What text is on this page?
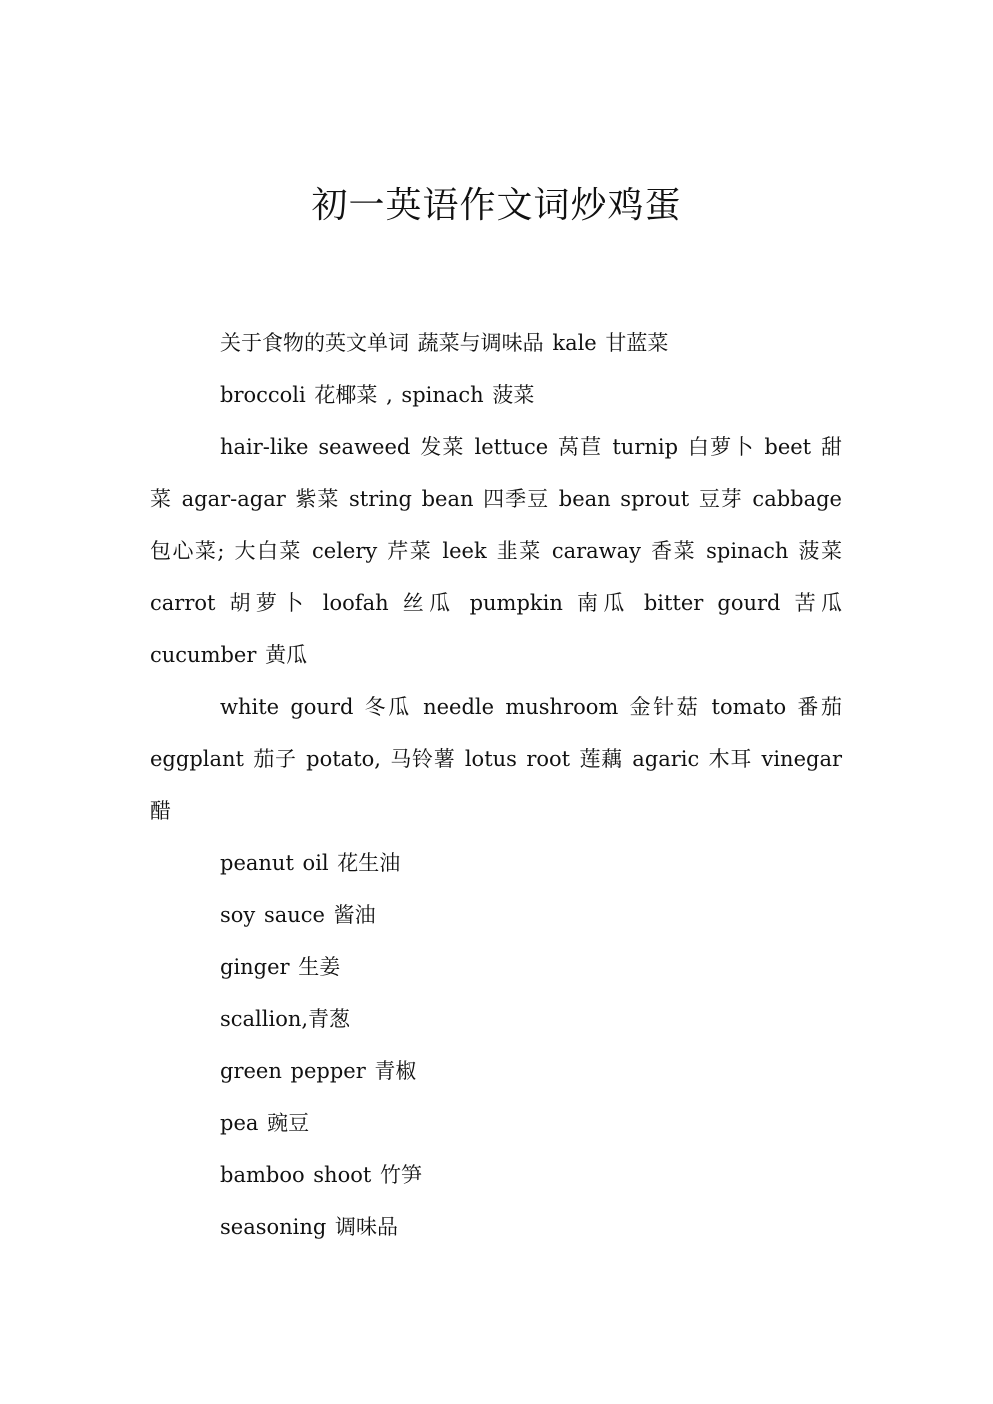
初一英语作文词炒鸡蛋

关于食物的英文单词 蔬菜与调味品 kale 甘蓝菜

broccoli 花椰菜 , spinach 菠菜

hair-like seaweed 发菜 lettuce 莴苣 turnip 白萝卜 beet 甜菜 agar-agar 紫菜 string bean 四季豆 bean sprout 豆芽 cabbage 包心菜; 大白菜 celery 芹菜 leek 韭菜 caraway 香菜 spinach 菠菜 carrot 胡萝卜 loofah 丝瓜 pumpkin 南瓜 bitter gourd 苦瓜 cucumber 黄瓜

white gourd 冬瓜 needle mushroom 金针菇 tomato 番茄 eggplant 茄子 potato, 马铃薯 lotus root 莲藕 agaric 木耳 vinegar 醋

peanut oil 花生油

soy sauce 酱油

ginger 生姜

scallion,青葱

green pepper 青椒

pea 豌豆

bamboo shoot 竹笋

seasoning 调味品
